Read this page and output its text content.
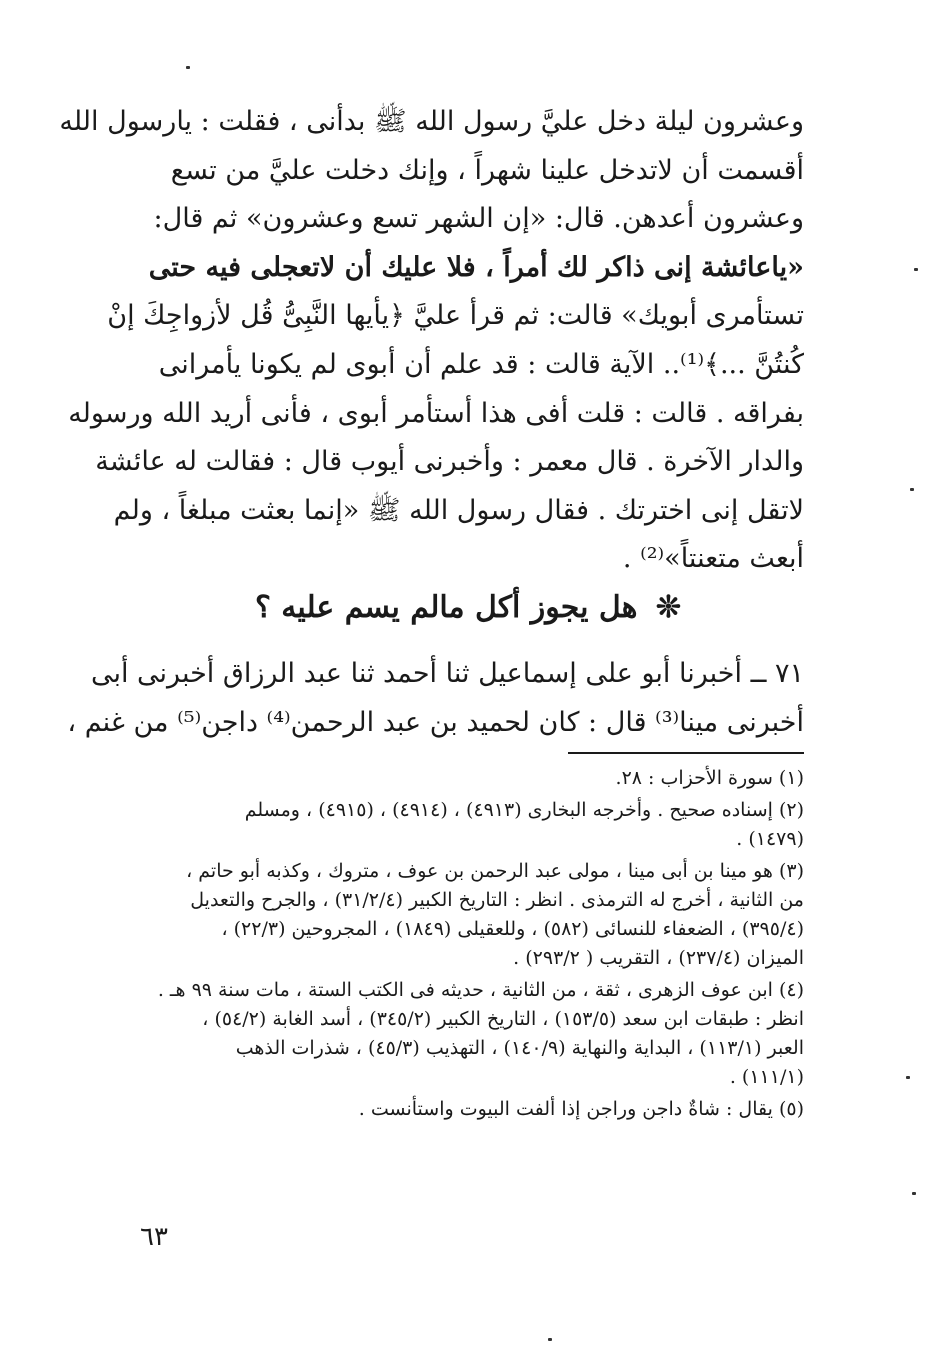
وعشرون ليلة دخل عليَّ رسول الله ﷺ بدأنى ، فقلت : يارسول الله
أقسمت أن لاتدخل علينا شهراً ، وإنك دخلت عليَّ من تسع
وعشرون أعدهن. قال: «إن الشهر تسع وعشرون» ثم قال:
«ياعائشة إنى ذاكر لك أمراً ، فلا عليك أن لاتعجلى فيه حتى
تستأمرى أبويك» قالت: ثم قرأ عليَّ ﴿يأيها النَّبِىُّ قُل لأزواجِكَ إنْ
كُنتُنَّ ...﴾⁽¹⁾.. الآية قالت : قد علم أن أبوى لم يكونا يأمرانى
بفراقه . قالت : قلت أفى هذا أستأمر أبوى ، فأنى أريد الله ورسوله
والدار الآخرة . قال معمر : وأخبرنى أيوب قال : فقالت له عائشة
لاتقل إنى اخترتك . فقال رسول الله ﷺ «إنما بعثت مبلغاً ، ولم
أبعث متعنتاً»⁽²⁾ .
❊ هل يجوز أكل مالم يسم عليه ؟
٧١ ــ أخبرنا أبو على إسماعيل ثنا أحمد ثنا عبد الرزاق أخبرنى أبى
أخبرنى مينا⁽³⁾ قال : كان لحميد بن عبد الرحمن⁽⁴⁾ داجن⁽⁵⁾ من غنم ،
(١) سورة الأحزاب : ٢٨.
(٢) إسناده صحيح . وأخرجه البخارى (٤٩١٣) ، (٤٩١٤) ، (٤٩١٥) ، ومسلم
(١٤٧٩) .
(٣) هو مينا بن أبى مينا ، مولى عبد الرحمن بن عوف ، متروك ، وكذبه أبو حاتم ،
من الثانية ، أخرج له الترمذى . انظر : التاريخ الكبير (٣١/٢/٤) ، والجرح والتعديل
(٣٩٥/٤) ، الضعفاء للنسائى (٥٨٢) ، وللعقيلى (١٨٤٩) ، المجروحين (٢٢/٣) ،
الميزان (٢٣٧/٤) ، التقريب ( ٢٩٣/٢) .
(٤) ابن عوف الزهرى ، ثقة ، من الثانية ، حديثه فى الكتب الستة ، مات سنة ٩٩ هـ .
انظر : طبقات ابن سعد (١٥٣/٥) ، التاريخ الكبير (٣٤٥/٢) ، أسد الغابة (٥٤/٢) ،
العبر (١١٣/١) ، البداية والنهاية (١٤٠/٩) ، التهذيب (٤٥/٣) ، شذرات الذهب
(١١١/١) .
(٥) يقال : شاةٌ داجن وراجن إذا ألفت البيوت واستأنست .
٦٣
